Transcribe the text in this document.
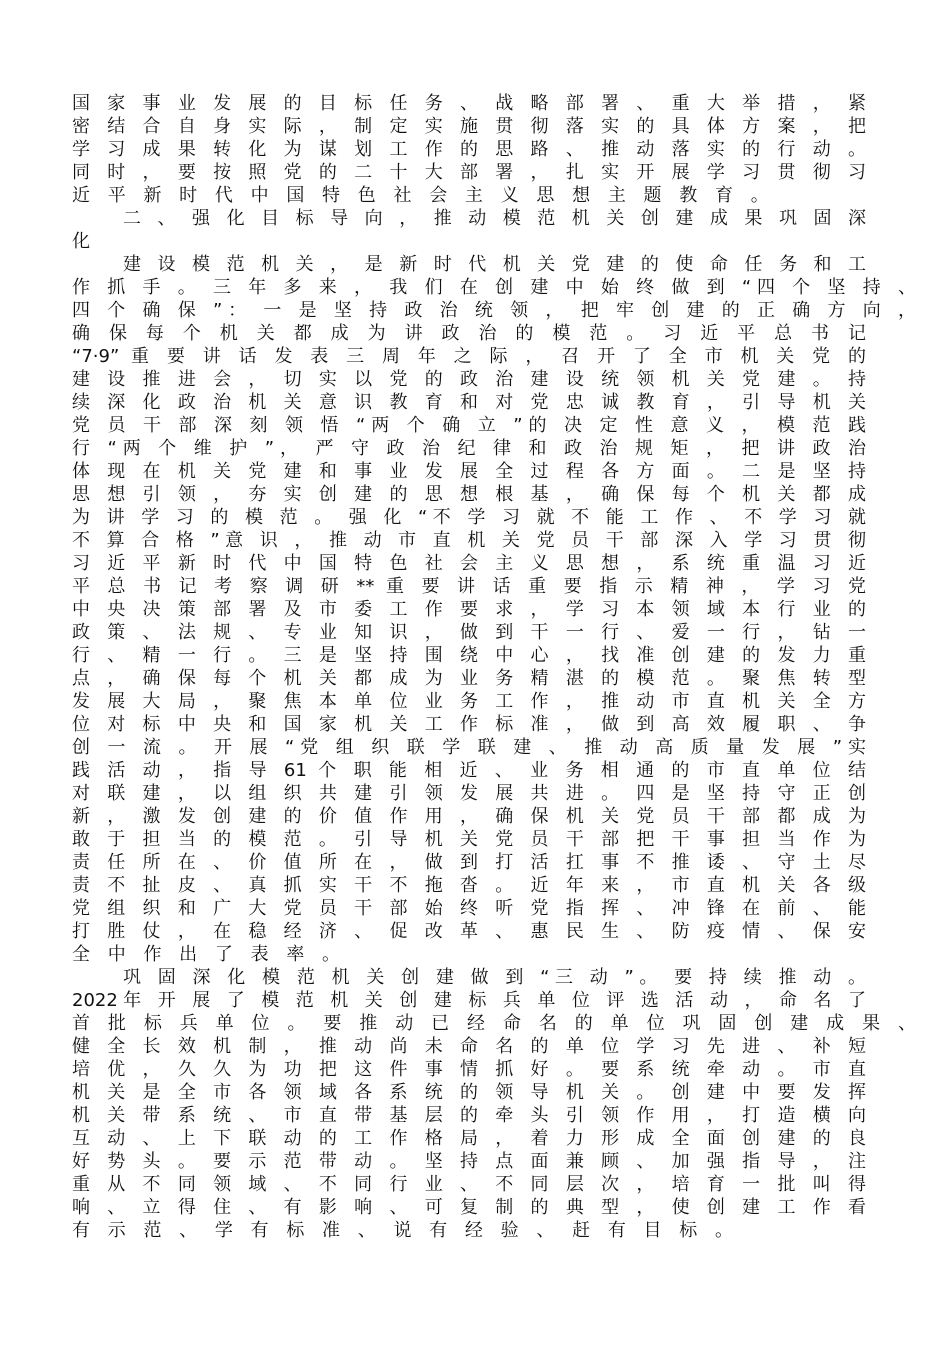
国 家 事 业 发 展 的 目 标 任 务 、 战 略 部 署 、 重 大 举 措 ， 紧
密 结 合 自 身 实 际 ， 制 定 实 施 贯 彻 落 实 的 具 体 方 案 ， 把
学 习 成 果 转 化 为 谋 划 工 作 的 思 路 、 推 动 落 实 的 行 动 。
同 时 ， 要 按 照 党 的 二 十 大 部 署 ， 扎 实 开 展 学 习 贯 彻 习
近 平 新 时 代 中 国 特 色 社 会 主 义 思 想 主 题 教 育 。
二 、 强 化 目 标 导 向 ， 推 动 模 范 机 关 创 建 成 果 巩 固 深
化
建 设 模 范 机 关 ， 是 新 时 代 机 关 党 建 的 使 命 任 务 和 工
作 抓 手 。 三 年 多 来 ， 我 们 在 创 建 中 始 终 做 到 “四 个 坚 持 、
四 个 确 保 ”： 一 是 坚 持 政 治 统 领 ， 把 牢 创 建 的 正 确 方 向 ，
确 保 每 个 机 关 都 成 为 讲 政 治 的 模 范 。 习 近 平 总 书 记
“7·9” 重 要 讲 话 发 表 三 周 年 之 际 ， 召 开 了 全 市 机 关 党 的
建 设 推 进 会 ， 切 实 以 党 的 政 治 建 设 统 领 机 关 党 建 。 持
续 深 化 政 治 机 关 意 识 教 育 和 对 党 忠 诚 教 育 ， 引 导 机 关
党 员 干 部 深 刻 领 悟 “两 个 确 立 ”的 决 定 性 意 义 ， 模 范 践
行 “两 个 维 护 ”， 严 守 政 治 纪 律 和 政 治 规 矩 ， 把 讲 政 治
体 现 在 机 关 党 建 和 事 业 发 展 全 过 程 各 方 面 。 二 是 坚 持
思 想 引 领 ， 夯 实 创 建 的 思 想 根 基 ， 确 保 每 个 机 关 都 成
为 讲 学 习 的 模 范 。 强 化 “不 学 习 就 不 能 工 作 、 不 学 习 就
不 算 合 格 ”意 识 ， 推 动 市 直 机 关 党 员 干 部 深 入 学 习 贯 彻
习 近 平 新 时 代 中 国 特 色 社 会 主 义 思 想 ， 系 统 重 温 习 近
平 总 书 记 考 察 调 研 ** 重 要 讲 话 重 要 指 示 精 神 ， 学 习 党
中 央 决 策 部 署 及 市 委 工 作 要 求 ， 学 习 本 领 域 本 行 业 的
政 策 、 法 规 、 专 业 知 识 ， 做 到 干 一 行 、 爱 一 行 ， 钻 一
行 、 精 一 行 。 三 是 坚 持 围 绕 中 心 ， 找 准 创 建 的 发 力 重
点 ， 确 保 每 个 机 关 都 成 为 业 务 精 湛 的 模 范 。 聚 焦 转 型
发 展 大 局 ， 聚 焦 本 单 位 业 务 工 作 ， 推 动 市 直 机 关 全 方
位 对 标 中 央 和 国 家 机 关 工 作 标 准 ， 做 到 高 效 履 职 、 争
创 一 流 。 开 展 “党 组 织 联 学 联 建 、 推 动 高 质 量 发 展 ”实
践 活 动 ， 指 导 61 个 职 能 相 近 、 业 务 相 通 的 市 直 单 位 结
对 联 建 ， 以 组 织 共 建 引 领 发 展 共 进 。 四 是 坚 持 守 正 创
新 ， 激 发 创 建 的 价 值 作 用 ， 确 保 机 关 党 员 干 部 都 成 为
敢 于 担 当 的 模 范 。 引 导 机 关 党 员 干 部 把 干 事 担 当 作 为
责 任 所 在 、 价 值 所 在 ， 做 到 打 活 扛 事 不 推 诿 、 守 土 尽
责 不 扯 皮 、 真 抓 实 干 不 拖 沓 。 近 年 来 ， 市 直 机 关 各 级
党 组 织 和 广 大 党 员 干 部 始 终 听 党 指 挥 、 冲 锋 在 前 、 能
打 胜 仗 ， 在 稳 经 济 、 促 改 革 、 惠 民 生 、 防 疫 情 、 保 安
全 中 作 出 了 表 率 。
巩 固 深 化 模 范 机 关 创 建 做 到 “三 动 ”。 要 持 续 推 动 。
2022年 开 展 了 模 范 机 关 创 建 标 兵 单 位 评 选 活 动 ， 命 名 了
首 批 标 兵 单 位 。 要 推 动 已 经 命 名 的 单 位 巩 固 创 建 成 果 、
健 全 长 效 机 制 ， 推 动 尚 未 命 名 的 单 位 学 习 先 进 、 补 短
培 优 ， 久 久 为 功 把 这 件 事 情 抓 好 。 要 系 统 牵 动 。 市 直
机 关 是 全 市 各 领 域 各 系 统 的 领 导 机 关 。 创 建 中 要 发 挥
机 关 带 系 统 、 市 直 带 基 层 的 牵 头 引 领 作 用 ， 打 造 横 向
互 动 、 上 下 联 动 的 工 作 格 局 ， 着 力 形 成 全 面 创 建 的 良
好 势 头 。 要 示 范 带 动 。 坚 持 点 面 兼 顾 、 加 强 指 导 ， 注
重 从 不 同 领 域 、 不 同 行 业 、 不 同 层 次 ， 培 育 一 批 叫 得
响 、 立 得 住 、 有 影 响 、 可 复 制 的 典 型 ， 使 创 建 工 作 看
有 示 范 、 学 有 标 准 、 说 有 经 验 、 赶 有 目 标 。
